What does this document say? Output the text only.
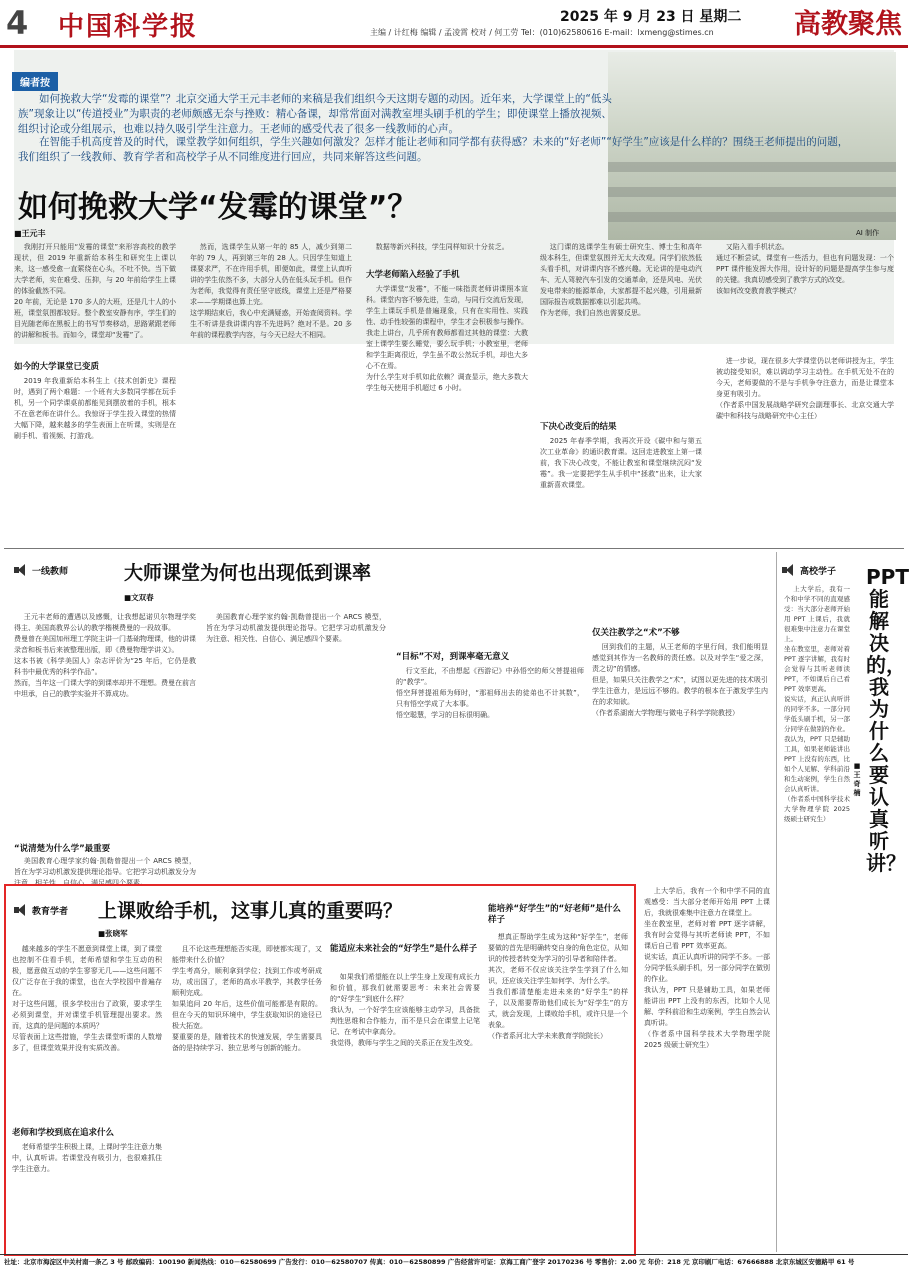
4 中国科学报	2025 年 9 月 23 日 星期二
主编 / 计红梅 编辑 / 孟凌霄 校对 / 何工劳 Tel：(010)62580616 E-mail：lxmeng@stimes.cn	高教聚焦
编者按
如何挽救大学“发霉的课堂”？北京交通大学王元丰老师的来稿是我们组织今天这期专题的动因。近年来，大学课堂上的“低头族”现象让以“传道授业”为职责的老师颇感无奈与挫败：精心备课，却常常面对满教室埋头刷手机的学生；即使课堂上播放视频、组织讨论或分组展示，也难以持久吸引学生注意力。王老师的感受代表了很多一线教师的心声。
在智能手机高度普及的时代，课堂教学如何组织，学生兴趣如何激发？怎样才能让老师和同学都有获得感？未来的“好老师”“好学生”应该是什么样的？围绕王老师提出的问题，我们组织了一线教师、教育学者和高校学子从不同维度进行回应，共同来解答这些问题。
如何挽救大学“发霉的课堂”？
■王元丰	AI 制作
我刚打开只能用“发霉的课堂”来形容高校的教学现状，但 2019 年重新给本科生和研究生上课以来，这一感受愈一直萦绕在心头，不吐不快。当下做大学老师，实在难受、压抑，与 20 年前给学生上课的体验截然不同。
20 年前，无论是 170 多人的大班，还是几十人的小班，课堂氛围都较好。整个教室安静有序，学生们的目光随老师在黑板上的书写节奏移动，思路紧跟老师的讲解和板书。而如今，课堂却“发霉”了。
如今的大学课堂已变质
2019 年我重新给本科生上《技术创新史》课程时，遇到了两个难题：一个班有大多数同学都在玩手机，另一个同学课桌前都能见到摆放着的手机，根本不在意老师在讲什么。我惊讶于学生投入课堂的热情大幅下降，越来越多的学生表面上在听课，实则是在刷手机、看视频、打游戏。
然而，选课学生从第一年的 85 人，减少到第二年的 79 人，再到第三年的 28 人。只因学生知道上课要求严，不在许用手机，即便如此，课堂上认真听讲的学生依然不多，大部分人仍在低头玩手机。但作为老师，我觉得有责任坚守底线，课堂上还是严格要求——学期课也算上完。
这学期结束后，我心中充满疑惑，开始查阅资料。学生不听讲是我讲课内容不先进吗？绝对不是。20 多年前的课程教学内容，与今天已经大不相同。
数据等新兴科技，学生同样知识十分贫乏。
大学老师陷入经验了手机
大学课堂“发霉”，不能一味指责老师讲课照本宣科。课堂内容不够先进，生动，与同行交流后发现，学生上课玩手机是普遍现象，只有在实用性、实践性、动手性较强的课程中，学生才会积极参与操作。我走上讲台，几乎所有教师都看过其他的课堂：大教室上课学生要么睡觉，要么玩手机；小教室里，老师和学生距离很近，学生虽不敢公然玩手机，却也大多心不在焉。
为什么学生对手机如此依赖？调查显示，绝大多数大学生每天使用手机超过 6 小时。
这门课的选课学生有硕士研究生、博士生和高年级本科生，但课堂氛围并无太大改观。同学们依然低头看手机，对讲课内容不感兴趣。无论讲的是电动汽车、无人驾驶汽车引发的交通革命，还是风电、光伏发电带来的能源革命，大家都提不起兴趣，引用最新国际报告或数据都难以引起共鸣。
作为老师，我们自然也需要反思。
下决心改变后的结果
2025 年春季学期，我再次开设《碳中和与第五次工业革命》的通识教育课。这回走进教室上第一课前，我下决心改变，不能让教室和课堂继续沉闷“发霉”。我一定要把学生从手机中“拯救”出来，让大家重新喜欢课堂。
又陷入看手机状态。
通过不断尝试，课堂有一些活力，但也有问题发现：一个 PPT 课件能发挥大作用，设计好的问题是提高学生参与度的关键。我真切感受到了教学方式的改变。
该如何改变教育教学模式？
进一步说，现在很多大学课堂仍以老师讲授为主，学生被动接受知识，难以调动学习主动性。在手机无处不在的今天，老师要做的不是与手机争夺注意力，而是让课堂本身更有吸引力。
（作者系中国发展战略学研究会副理事长、北京交通大学碳中和科技与战略研究中心主任）
一线教师	大师课堂为何也出现低到课率
■文双春
王元丰老师的遭遇以及感慨，让我想起诺贝尔物理学奖得主、美国高教界公认的教学楷模费曼的一段故事。
费曼曾在美国加州理工学院主讲一门基础物理课，他的讲课录音和板书后来被整理出版，即《费曼物理学讲义》。
这本书被《科学美国人》杂志评价为“25 年后，它仍是教科书中最优秀的科学作品”。
然而，当年这一门课大学的到课率却并不理想。费曼在前言中坦承，自己的教学实验并不算成功。
“说清楚为什么学”最重要
美国教育心理学家约翰·凯勒曾提出一个 ARCS 模型，旨在为学习动机激发提供理论指导。它把学习动机激发分为注意、相关性、自信心、满足感四个要素。
美国教育心理学家约翰·凯勒曾提出一个 ARCS 模型，旨在为学习动机激发提供理论指导。它把学习动机激发分为注意、相关性、自信心、满足感四个要素。
“目标”不对，到课率毫无意义
行文至此，不由想起《西游记》中孙悟空的师父菩提祖师的“教学”。
悟空拜菩提祖师为师时，“那祖师出去的徒弟也不计其数”，只有悟空学成了大本事。
悟空聪慧，学习的目标很明确。
仅关注教学之“术”不够
回到我们的主题，从王老师的字里行间，我们能明显感觉到其作为一名教师的责任感。以及对学生“爱之深，责之切”的情感。
但是，如果只关注教学之“术”，试图以更先进的技术吸引学生注意力，是远远不够的。教学的根本在于激发学生内在的求知欲。
（作者系湖南大学物理与微电子科学学院教授）
高校学子 PPT能解决的，我为什么要认真听讲？
■王奇楠
上大学后，我有一个和中学不同的直观感受：当大部分老师开始用 PPT 上课后，我就很难集中注意力在课堂上。
坐在教室里，老师对着 PPT 逐字讲解，我有时会觉得与其听老师读 PPT，不如课后自己看 PPT 效率更高。
说实话，真正认真听讲的同学不多。一部分同学低头刷手机，另一部分同学在做别的作业。
我认为，PPT 只是辅助工具，如果老师能讲出 PPT 上没有的东西，比如个人见解、学科前沿和生动案例，学生自然会认真听讲。
（作者系中国科学技术大学物理学院 2025 级硕士研究生）
教育学者 上课败给手机，这事儿真的重要吗？
■张晓军
越来越多的学生不愿意到课堂上课，到了课堂也控制不住看手机，老师希望和学生互动的积极，愿意做互动的学生寥寥无几——这些问题不仅广泛存在于我的课堂，也在大学校园中普遍存在。
对于这些问题，很多学校出台了政策，要求学生必须到课堂，并对课堂手机管理提出要求。然而，这真的是问题的本质吗？
尽管表面上这些措施，学生去课堂听课的人数增多了，但课堂效果并没有实质改善。
老师和学校到底在追求什么
老师希望学生积极上课，上课时学生注意力集中，认真听讲。若课堂没有吸引力，也很难抓住学生注意力。
且不论这些理想能否实现，即使都实现了，又能带来什么价值？
学生考高分，顺利拿到学位；找到工作或考研成功，或出国了，老师的高水平教学，其教学任务顺利完成。
如果追问 20 年后，这些价值可能都是有限的。但在今天的知识环境中，学生获取知识的途径已极大拓宽。
要重要的是，随着技术的快速发展，学生需要具备的是持续学习、独立思考与创新的能力。
能适应未来社会的“好学生”是什么样子
如果我们希望能在以上学生身上发现有成长力和价值，那我们就需要思考：未来社会需要的“好学生”到底什么样？
我认为，一个好学生应该能够主动学习，具备批判性思维和合作能力，而不是只会在课堂上记笔记、在考试中拿高分。
我觉得，教师与学生之间的关系正在发生改变。
能培养“好学生”的“好老师”是什么样子
想真正帮助学生成为这种“好学生”，老师要做的首先是明确转变自身的角色定位，从知识的传授者转变为学习的引导者和陪伴者。
其次，老师不仅应该关注学生学到了什么知识，还应该关注学生如何学、为什么学。
当我们都清楚能走进未来的“好学生”的样子，以及需要帮助他们成长为“好学生”的方式，就会发现，上课败给手机，或许只是一个表象。
（作者系河北大学未来教育学院院长）
上大学后，我有一个和中学不同的直观感受：当大部分老师开始用 PPT 上课后，我就很难集中注意力在课堂上。
坐在教室里，老师对着 PPT 逐字讲解，我有时会觉得与其听老师读 PPT，不如课后自己看 PPT 效率更高。
说实话，真正认真听讲的同学不多。一部分同学低头刷手机，另一部分同学在做别的作业。
我认为，PPT 只是辅助工具，如果老师能讲出 PPT 上没有的东西，比如个人见解、学科前沿和生动案例，学生自然会认真听讲。
（作者系中国科学技术大学物理学院 2025 级硕士研究生）
社址：北京市海淀区中关村南一条乙 3 号 邮政编码：100190 新闻热线：010－62580699 广告发行：010－62580707 传真：010－62580899 广告经营许可证：京海工商广登字 20170236 号 零售价：2.00 元 年价：218 元 京印刷厂电话：67666888 北京东城区安德路甲 61 号
